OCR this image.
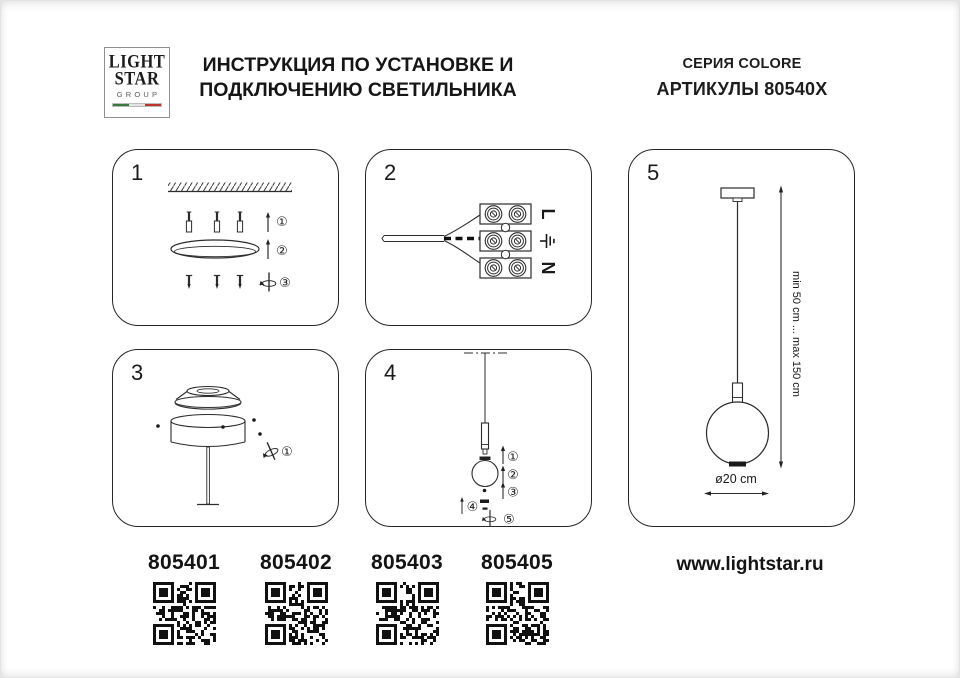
LIGHT
STAR
GROUP
ИНСТРУКЦИЯ ПО УСТАНОВКЕ И
ПОДКЛЮЧЕНИЮ СВЕТИЛЬНИКА
СЕРИЯ COLORE
АРТИКУЛЫ 80540X
1
①
②
③
2
L
N
3
①
4
①
②
③
④
⑤
5
min 50 cm ... max 150 cm
ø20 cm
805401	805402	805403	805405	www.lightstar.ru
